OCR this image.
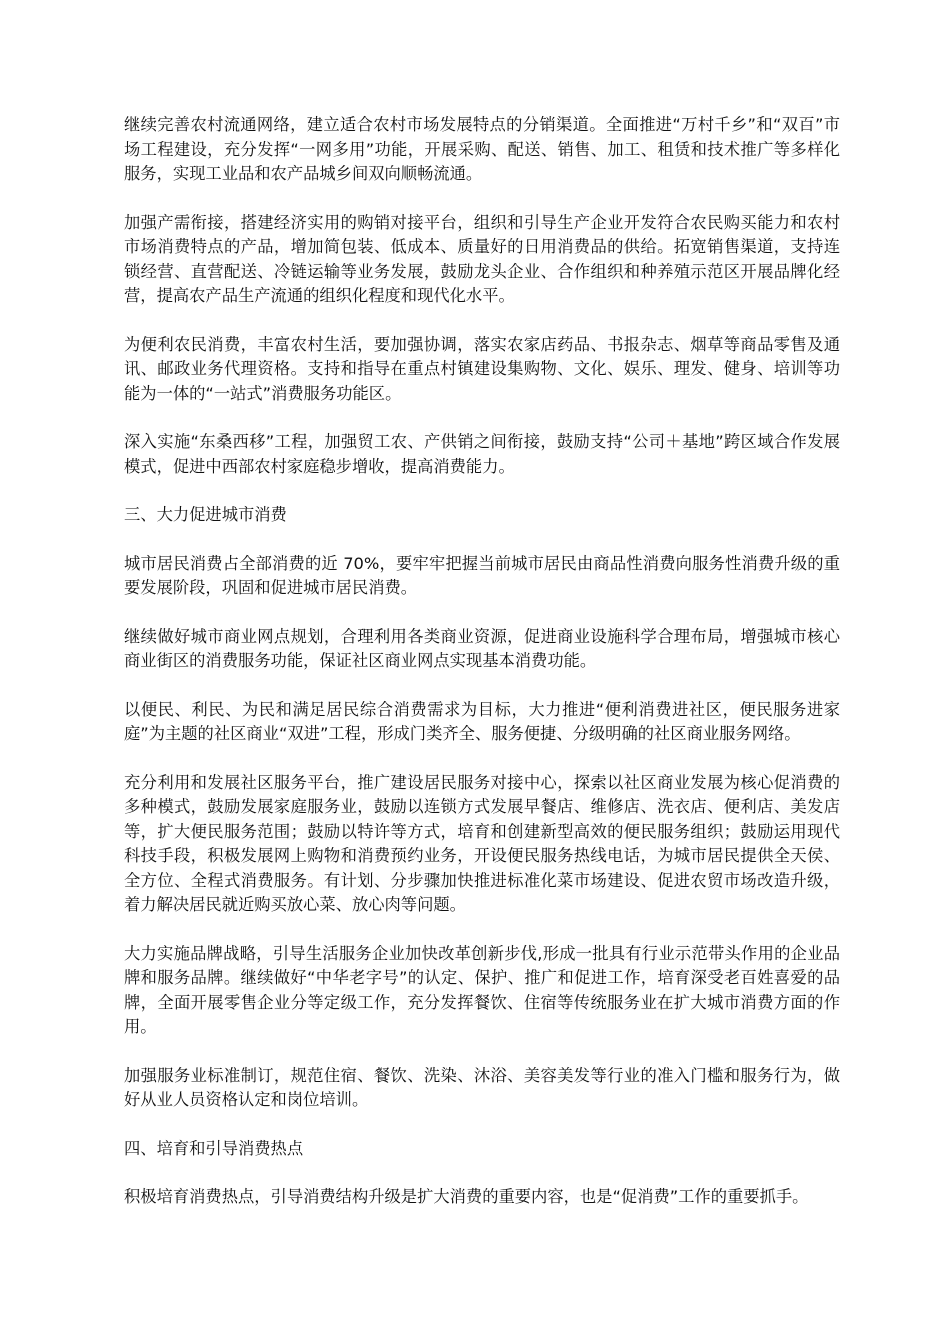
继续完善农村流通网络，建立适合农村市场发展特点的分销渠道。全面推进“万村千乡”和“双百”市场工程建设，充分发挥“一网多用”功能，开展采购、配送、销售、加工、租赁和技术推广等多样化服务，实现工业品和农产品城乡间双向顺畅流通。

加强产需衔接，搭建经济实用的购销对接平台，组织和引导生产企业开发符合农民购买能力和农村市场消费特点的产品，增加简包装、低成本、质量好的日用消费品的供给。拓宽销售渠道，支持连锁经营、直营配送、冷链运输等业务发展，鼓励龙头企业、合作组织和种养殖示范区开展品牌化经营，提高农产品生产流通的组织化程度和现代化水平。

为便利农民消费，丰富农村生活，要加强协调，落实农家店药品、书报杂志、烟草等商品零售及通讯、邮政业务代理资格。支持和指导在重点村镇建设集购物、文化、娱乐、理发、健身、培训等功能为一体的“一站式”消费服务功能区。

深入实施“东桑西移”工程，加强贸工农、产供销之间衔接，鼓励支持“公司＋基地”跨区域合作发展模式，促进中西部农村家庭稳步增收，提高消费能力。

三、大力促进城市消费

城市居民消费占全部消费的近 70%，要牢牢把握当前城市居民由商品性消费向服务性消费升级的重要发展阶段，巩固和促进城市居民消费。

继续做好城市商业网点规划，合理利用各类商业资源，促进商业设施科学合理布局，增强城市核心商业街区的消费服务功能，保证社区商业网点实现基本消费功能。

以便民、利民、为民和满足居民综合消费需求为目标，大力推进“便利消费进社区，便民服务进家庭”为主题的社区商业“双进”工程，形成门类齐全、服务便捷、分级明确的社区商业服务网络。

充分利用和发展社区服务平台，推广建设居民服务对接中心，探索以社区商业发展为核心促消费的多种模式，鼓励发展家庭服务业，鼓励以连锁方式发展早餐店、维修店、洗衣店、便利店、美发店等，扩大便民服务范围；鼓励以特许等方式，培育和创建新型高效的便民服务组织；鼓励运用现代科技手段，积极发展网上购物和消费预约业务，开设便民服务热线电话，为城市居民提供全天侯、全方位、全程式消费服务。有计划、分步骤加快推进标准化菜市场建设、促进农贸市场改造升级，着力解决居民就近购买放心菜、放心肉等问题。

大力实施品牌战略，引导生活服务企业加快改革创新步伐,形成一批具有行业示范带头作用的企业品牌和服务品牌。继续做好“中华老字号”的认定、保护、推广和促进工作，培育深受老百姓喜爱的品牌，全面开展零售企业分等定级工作，充分发挥餐饮、住宿等传统服务业在扩大城市消费方面的作用。

加强服务业标准制订，规范住宿、餐饮、洗染、沐浴、美容美发等行业的准入门槛和服务行为，做好从业人员资格认定和岗位培训。

四、培育和引导消费热点

积极培育消费热点，引导消费结构升级是扩大消费的重要内容，也是“促消费”工作的重要抓手。
